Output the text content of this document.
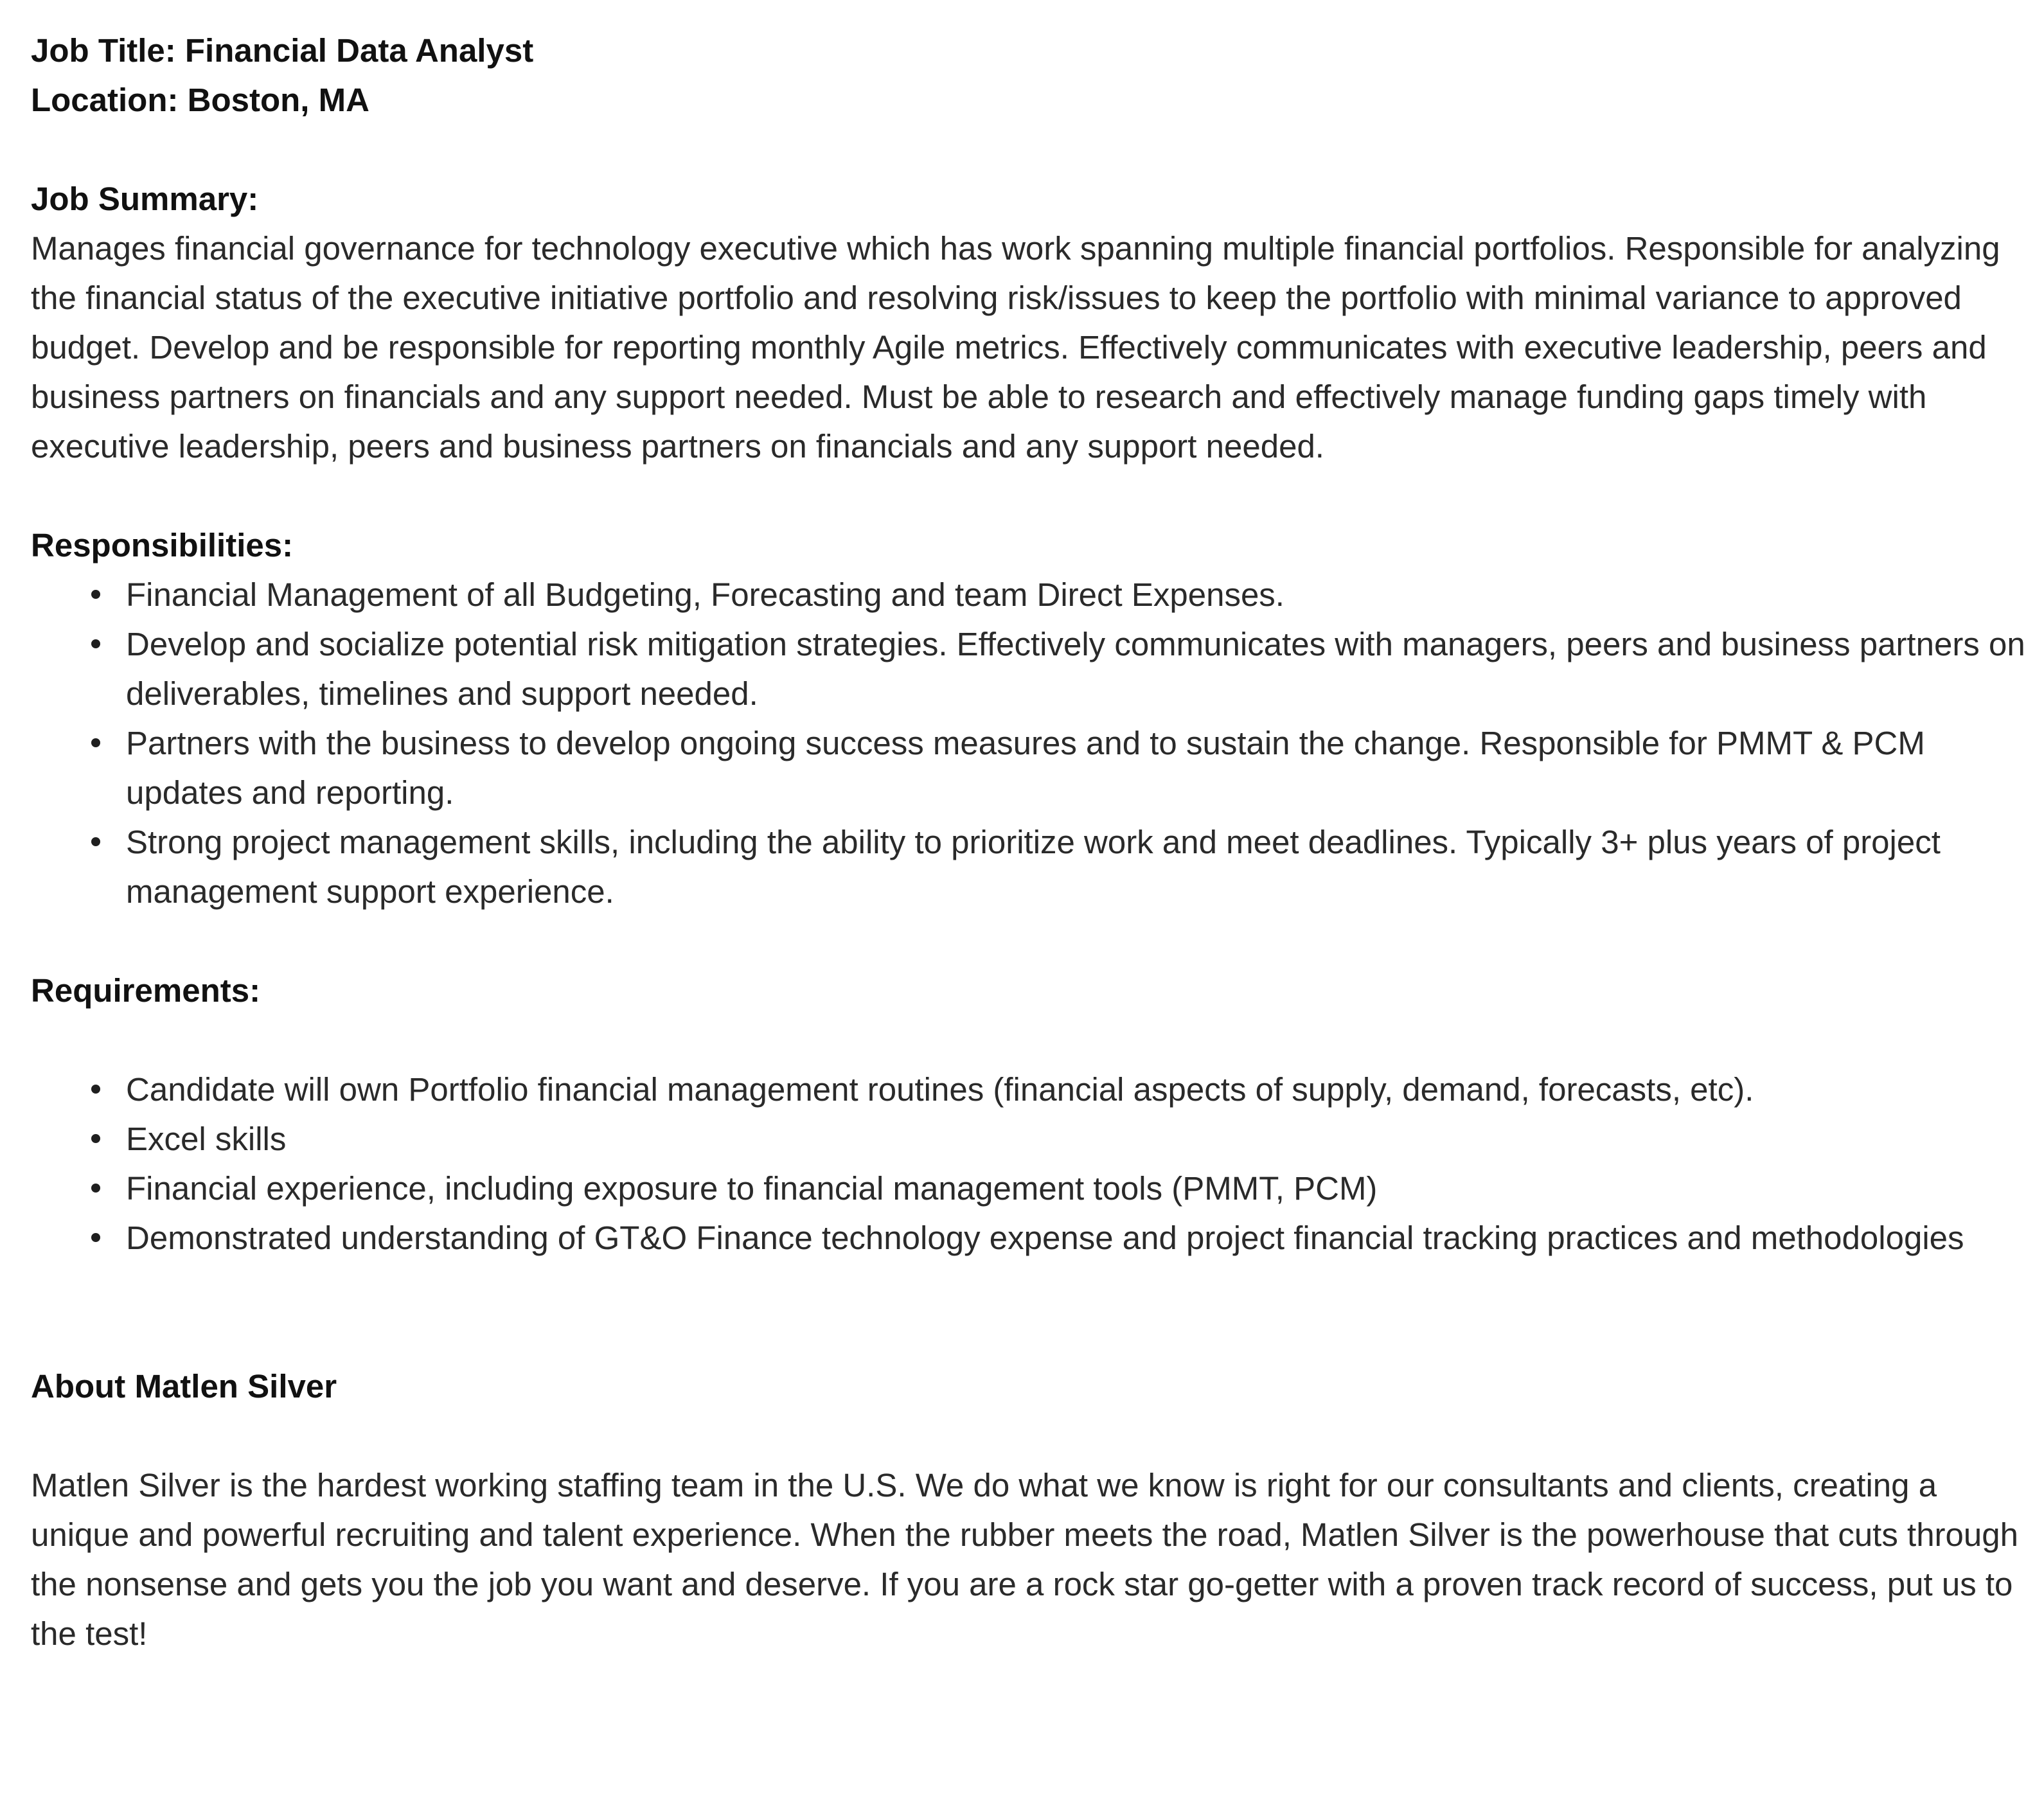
Job Title: Financial Data Analyst
Location: Boston, MA
Job Summary:

Manages financial governance for technology executive which has work spanning multiple financial portfolios. Responsible for analyzing the financial status of the executive initiative portfolio and resolving risk/issues to keep the portfolio with minimal variance to approved budget. Develop and be responsible for reporting monthly Agile metrics. Effectively communicates with executive leadership, peers and business partners on financials and any support needed. Must be able to research and effectively manage funding gaps timely with executive leadership, peers and business partners on financials and any support needed.

Responsibilities:
Financial Management of all Budgeting, Forecasting and team Direct Expenses.
Develop and socialize potential risk mitigation strategies. Effectively communicates with managers, peers and business partners on deliverables, timelines and support needed.
Partners with the business to develop ongoing success measures and to sustain the change. Responsible for PMMT & PCM updates and reporting.
Strong project management skills, including the ability to prioritize work and meet deadlines. Typically 3+ plus years of project management support experience.
Requirements:
Candidate will own Portfolio financial management routines (financial aspects of supply, demand, forecasts, etc).
Excel skills
Financial experience, including exposure to financial management tools (PMMT, PCM)
Demonstrated understanding of GT&O Finance technology expense and project financial tracking practices and methodologies
About Matlen Silver

Matlen Silver is the hardest working staffing team in the U.S. We do what we know is right for our consultants and clients, creating a unique and powerful recruiting and talent experience. When the rubber meets the road, Matlen Silver is the powerhouse that cuts through the nonsense and gets you the job you want and deserve. If you are a rock star go-getter with a proven track record of success, put us to the test!
